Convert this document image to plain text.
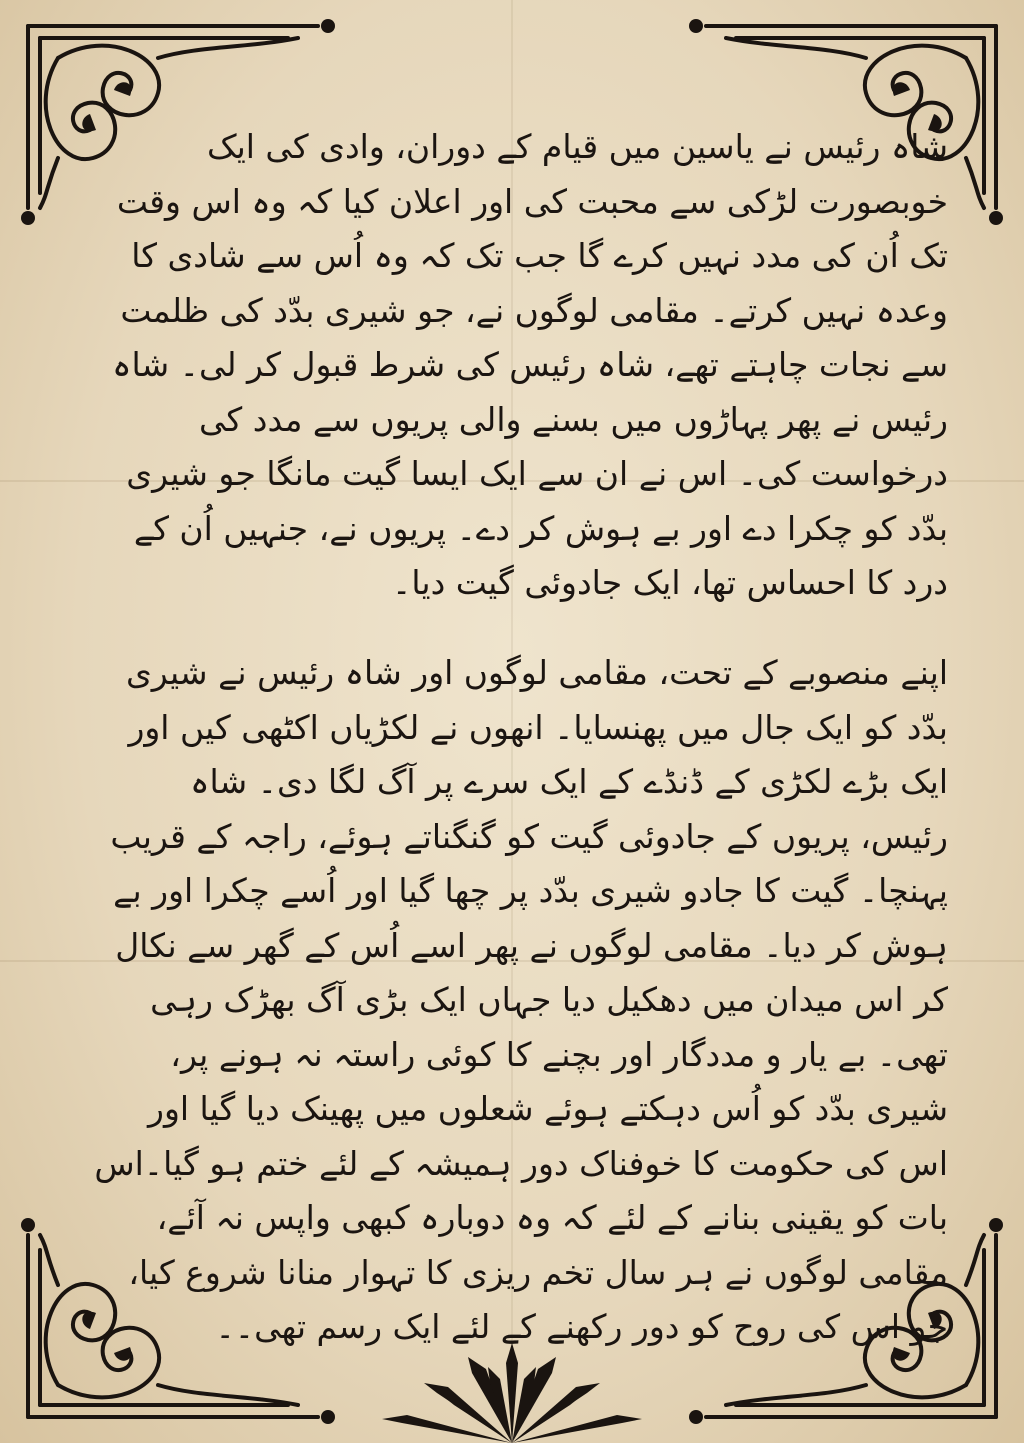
شاہ رئیس نے یاسین میں قیام کے دوران، وادی کی ایک خوبصورت لڑکی سے محبت کی اور اعلان کیا کہ وہ اس وقت تک اُن کی مدد نہیں کرے گا جب تک کہ وہ اُس سے شادی کا وعدہ نہیں کرتے۔ مقامی لوگوں نے، جو شیری بدّد کی ظلمت سے نجات چاہتے تھے، شاہ رئیس کی شرط قبول کر لی۔ شاہ رئیس نے پھر پہاڑوں میں بسنے والی پریوں سے مدد کی درخواست کی۔ اس نے ان سے ایک ایسا گیت مانگا جو شیری بدّد کو چکرا دے اور بے ہوش کر دے۔ پریوں نے، جنہیں اُن کے درد کا احساس تھا، ایک جادوئی گیت دیا۔
اپنے منصوبے کے تحت، مقامی لوگوں اور شاہ رئیس نے شیری بدّد کو ایک جال میں پھنسایا۔ انھوں نے لکڑیاں اکٹھی کیں اور ایک بڑے لکڑی کے ڈنڈے کے ایک سرے پر آگ لگا دی۔ شاہ رئیس، پریوں کے جادوئی گیت کو گنگناتے ہوئے، راجہ کے قریب پہنچا۔ گیت کا جادو شیری بدّد پر چھا گیا اور اُسے چکرا اور بے ہوش کر دیا۔ مقامی لوگوں نے پھر اسے اُس کے گھر سے نکال کر اس میدان میں دھکیل دیا جہاں ایک بڑی آگ بھڑک رہی تھی۔ بے یار و مددگار اور بچنے کا کوئی راستہ نہ ہونے پر، شیری بدّد کو اُس دہکتے ہوئے شعلوں میں پھینک دیا گیا اور اس کی حکومت کا خوفناک دور ہمیشہ کے لئے ختم ہو گیا۔اس بات کو یقینی بنانے کے لئے کہ وہ دوبارہ کبھی واپس نہ آئے، مقامی لوگوں نے ہر سال تخم ریزی کا تہوار منانا شروع کیا، جو اس کی روح کو دور رکھنے کے لئے ایک رسم تھی۔۔
